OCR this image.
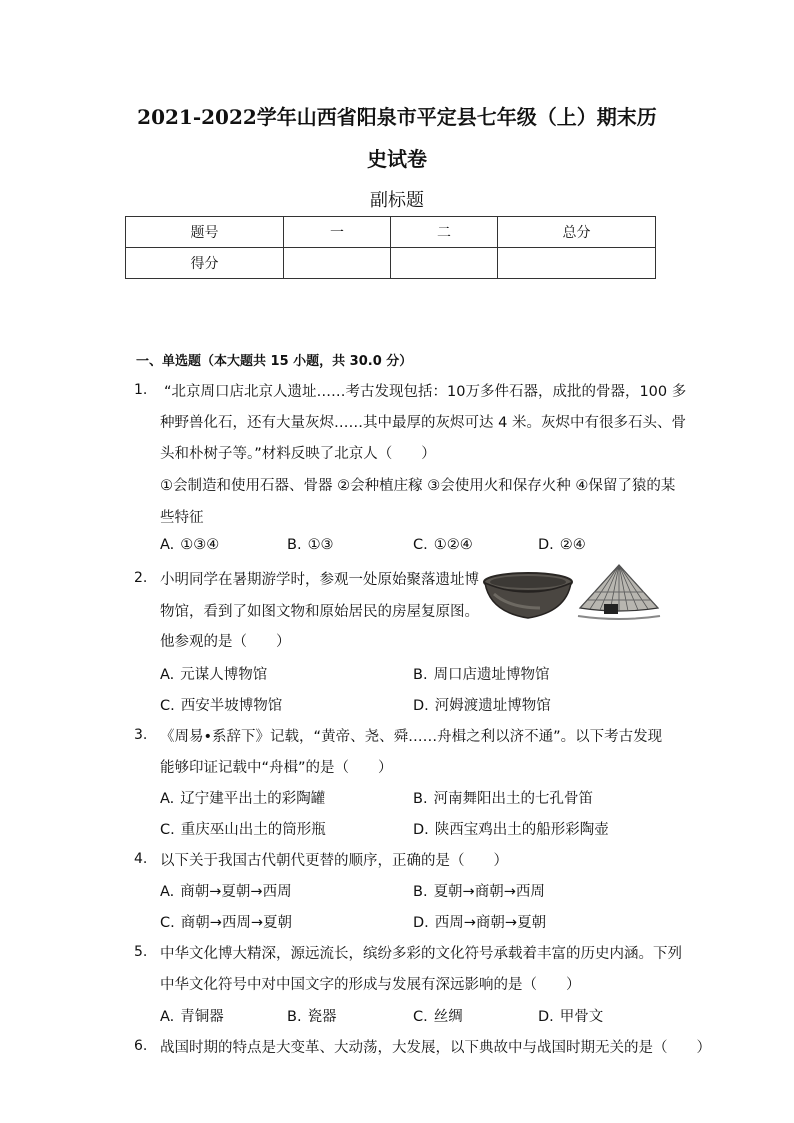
2021-2022学年山西省阳泉市平定县七年级（上）期末历
史试卷
副标题
题号	一	二	总分
得分			
一、单选题（本大题共 15 小题，共 30.0 分）
1. “北京周口店北京人遗址……考古发现包括：10万多件石器，成批的骨器，100 多
种野兽化石，还有大量灰烬……其中最厚的灰烬可达 4 米。灰烬中有很多石头、骨
头和朴树子等。”材料反映了北京人（　　）
①会制造和使用石器、骨器 ②会种植庄稼 ③会使用火和保存火种 ④保留了猿的某
些特征
A. ①③④	B. ①③	C. ①②④	D. ②④
2. 小明同学在暑期游学时，参观一处原始聚落遗址博
物馆，看到了如图文物和原始居民的房屋复原图。
他参观的是（　　）
A. 元谋人博物馆	B. 周口店遗址博物馆
C. 西安半坡博物馆	D. 河姆渡遗址博物馆
3. 《周易•系辞下》记载，“黄帝、尧、舜……舟楫之利以济不通”。以下考古发现
能够印证记载中“舟楫”的是（　　）
A. 辽宁建平出土的彩陶罐	B. 河南舞阳出土的七孔骨笛
C. 重庆巫山出土的筒形瓶	D. 陕西宝鸡出土的船形彩陶壶
4. 以下关于我国古代朝代更替的顺序，正确的是（　　）
A. 商朝→夏朝→西周	B. 夏朝→商朝→西周
C. 商朝→西周→夏朝	D. 西周→商朝→夏朝
5. 中华文化博大精深，源远流长，缤纷多彩的文化符号承载着丰富的历史内涵。下列
中华文化符号中对中国文字的形成与发展有深远影响的是（　　）
A. 青铜器	B. 瓷器	C. 丝绸	D. 甲骨文
6. 战国时期的特点是大变革、大动荡，大发展，以下典故中与战国时期无关的是（　　）
